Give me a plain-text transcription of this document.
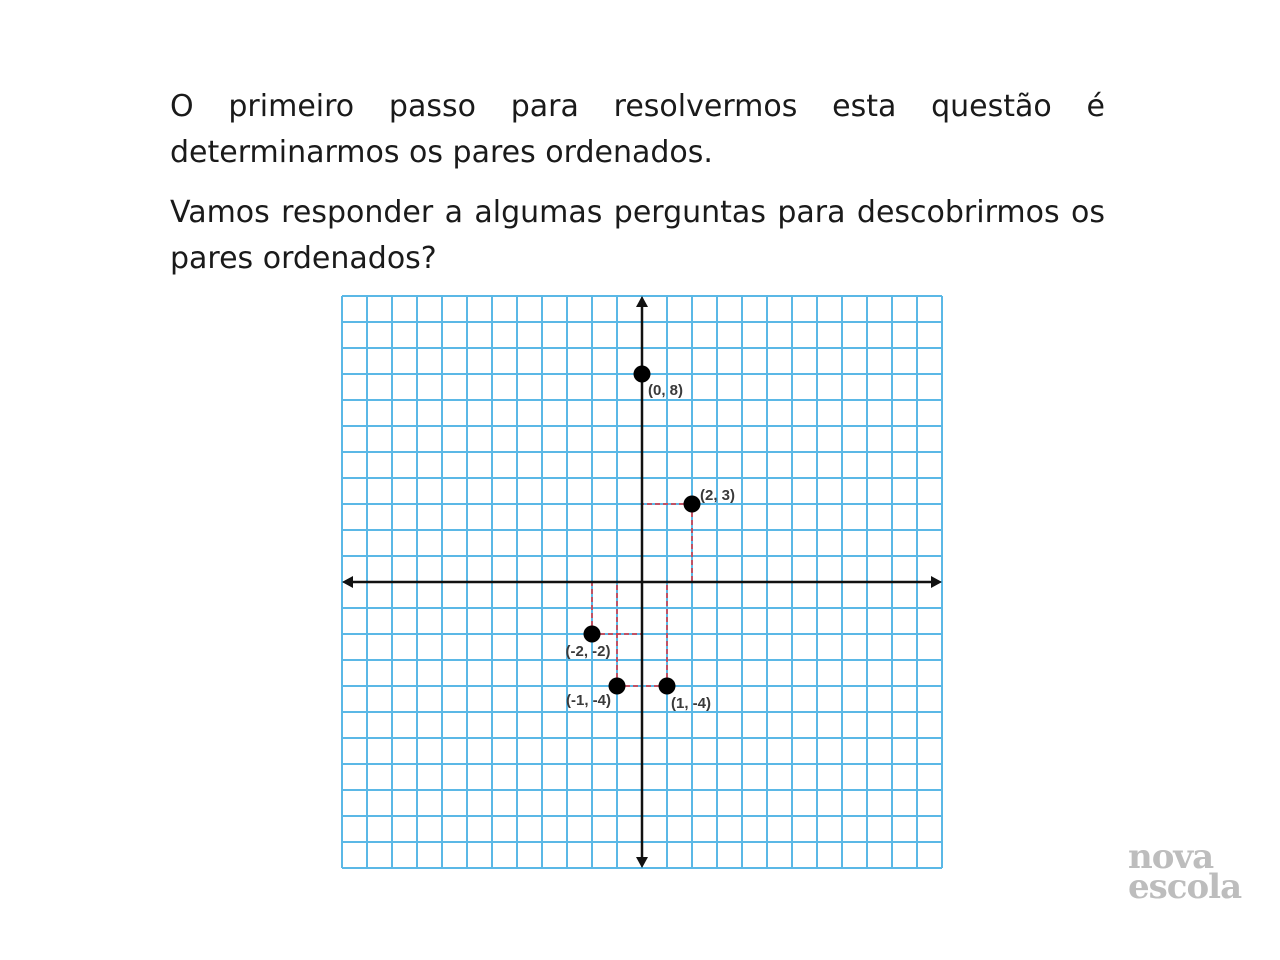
O primeiro passo para resolvermos esta questão é determinarmos os pares ordenados.

Vamos responder a algumas perguntas para descobrirmos os pares ordenados?

(0, 8)
(2, 3)
(-2, -2)
(-1, -4)	(1, -4)
nova
escola
